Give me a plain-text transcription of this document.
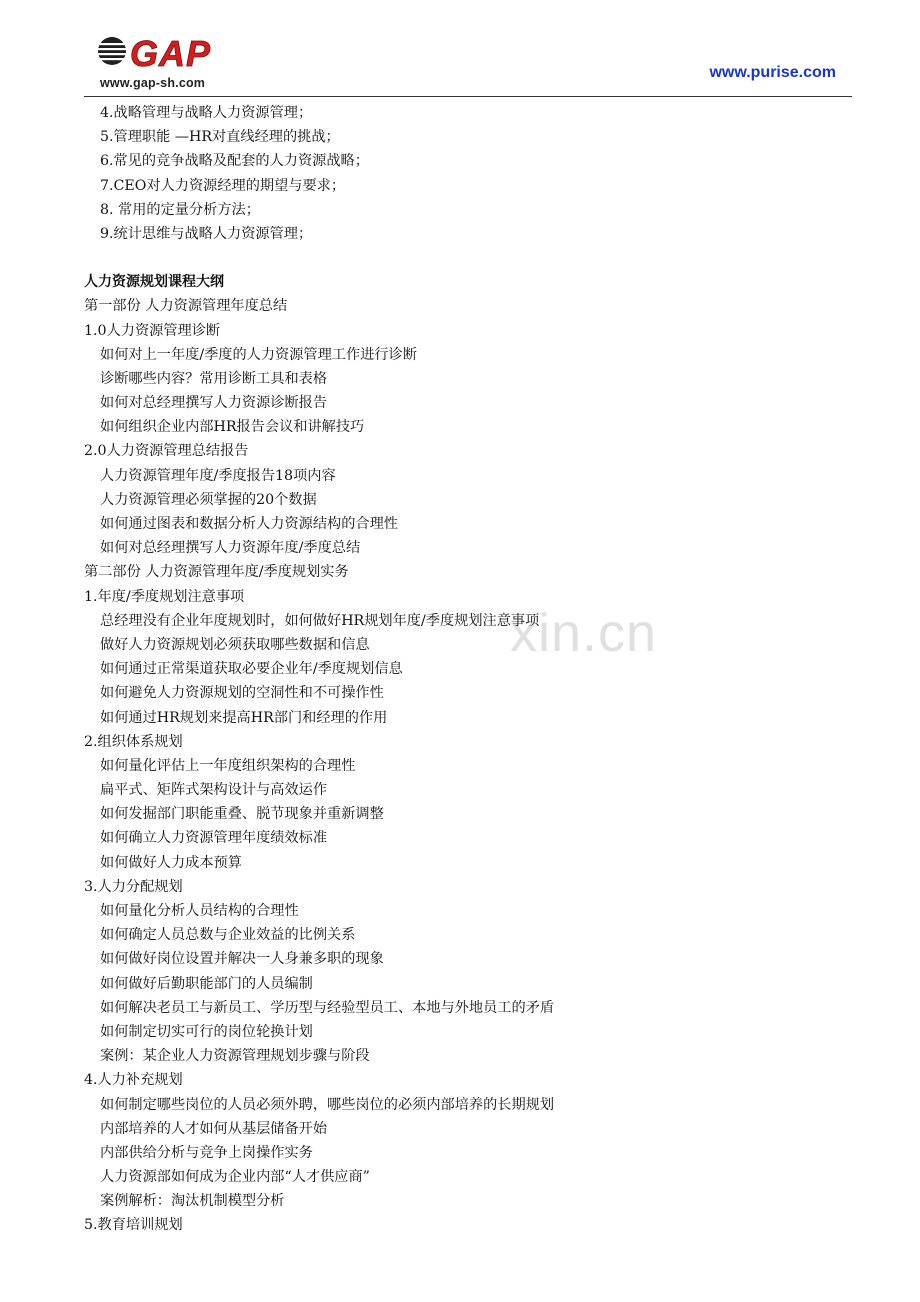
GAP
www.gap-sh.com
www.purise.com
xin.cn
4.战略管理与战略人力资源管理；
5.管理职能 —HR对直线经理的挑战；
6.常见的竞争战略及配套的人力资源战略；
7.CEO对人力资源经理的期望与要求；
8. 常用的定量分析方法；
9.统计思维与战略人力资源管理；
人力资源规划课程大纲
第一部份 人力资源管理年度总结
1.0人力资源管理诊断
如何对上一年度/季度的人力资源管理工作进行诊断
诊断哪些内容？常用诊断工具和表格
如何对总经理撰写人力资源诊断报告
如何组织企业内部HR报告会议和讲解技巧
2.0人力资源管理总结报告
人力资源管理年度/季度报告18项内容
人力资源管理必须掌握的20个数据
如何通过图表和数据分析人力资源结构的合理性
如何对总经理撰写人力资源年度/季度总结
第二部份 人力资源管理年度/季度规划实务
1.年度/季度规划注意事项
总经理没有企业年度规划时，如何做好HR规划年度/季度规划注意事项
做好人力资源规划必须获取哪些数据和信息
如何通过正常渠道获取必要企业年/季度规划信息
如何避免人力资源规划的空洞性和不可操作性
如何通过HR规划来提高HR部门和经理的作用
2.组织体系规划
如何量化评估上一年度组织架构的合理性
扁平式、矩阵式架构设计与高效运作
如何发掘部门职能重叠、脱节现象并重新调整
如何确立人力资源管理年度绩效标准
如何做好人力成本预算
3.人力分配规划
如何量化分析人员结构的合理性
如何确定人员总数与企业效益的比例关系
如何做好岗位设置并解决一人身兼多职的现象
如何做好后勤职能部门的人员编制
如何解决老员工与新员工、学历型与经验型员工、本地与外地员工的矛盾
如何制定切实可行的岗位轮换计划
案例：某企业人力资源管理规划步骤与阶段
4.人力补充规划
如何制定哪些岗位的人员必须外聘，哪些岗位的必须内部培养的长期规划
内部培养的人才如何从基层储备开始
内部供给分析与竞争上岗操作实务
人力资源部如何成为企业内部“人才供应商”
案例解析：淘汰机制模型分析
5.教育培训规划
